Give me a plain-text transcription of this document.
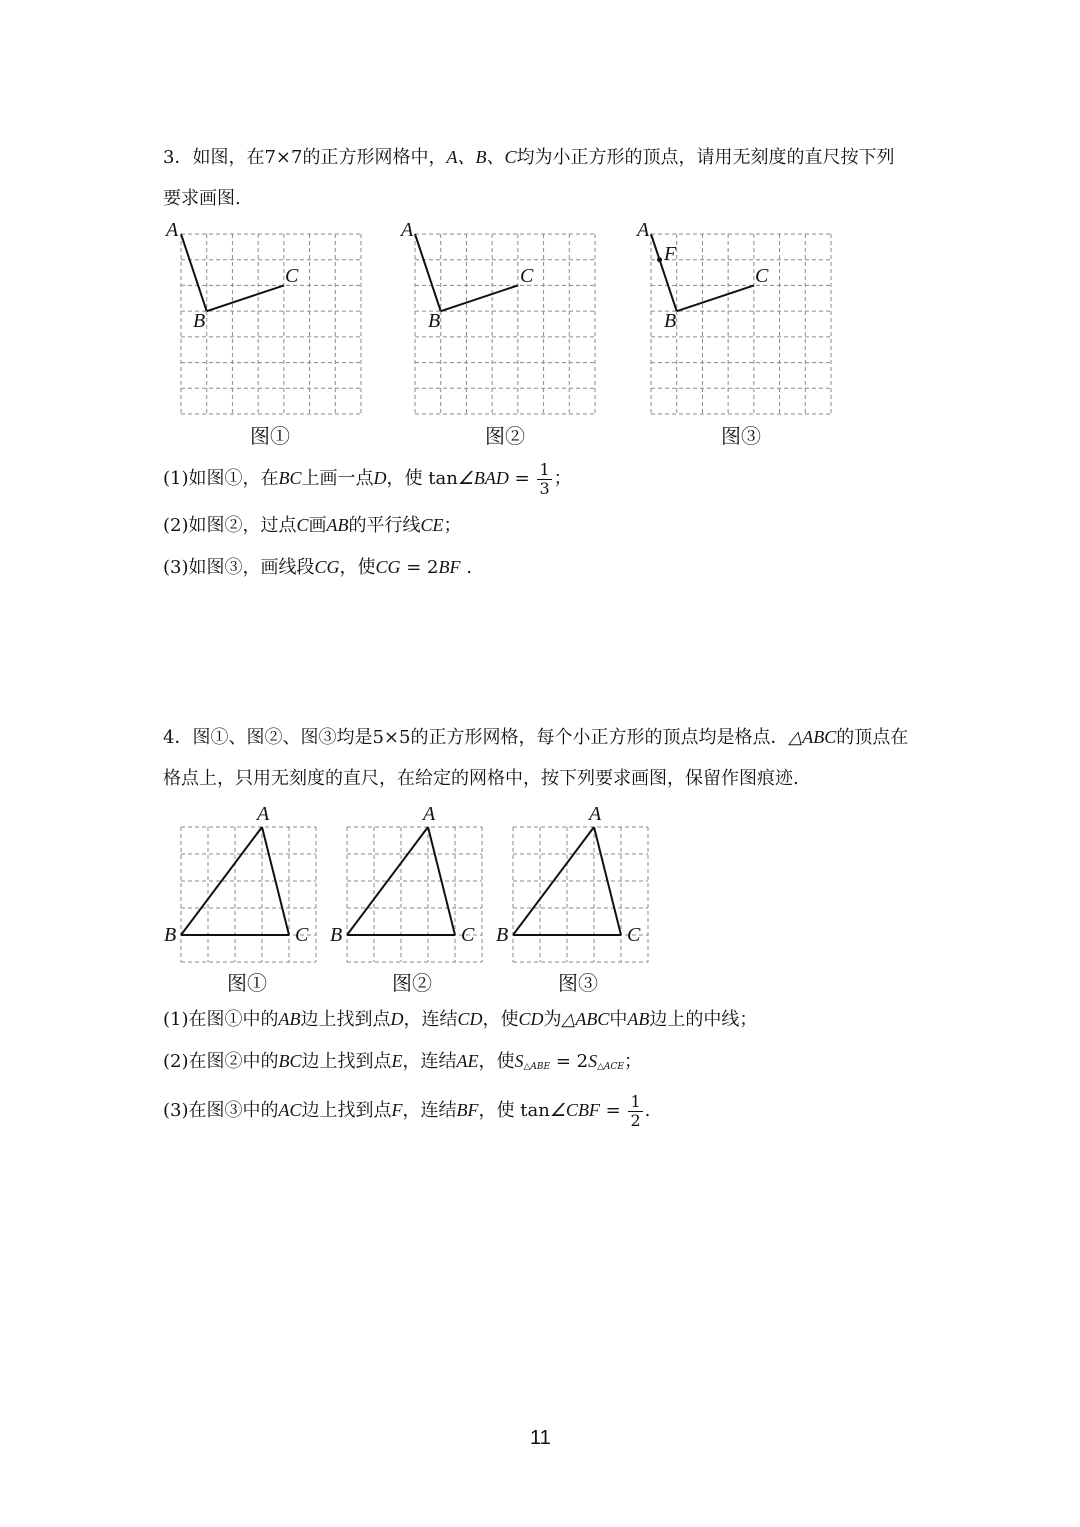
3．如图，在7×7的正方形网格中，A、B、C均为小正方形的顶点，请用无刻度的直尺按下列
要求画图.
A
B
C
A
B
C
A
F
B
C
图①	图②	图③
(1)如图①，在BC上画一点D，使 tan∠BAD = $\frac{1}{3}$ ；
(2)如图②，过点C画AB的平行线CE；
(3)如图③，画线段CG，使CG = 2BF .
4．图①、图②、图③均是5×5的正方形网格，每个小正方形的顶点均是格点．△ABC的顶点在
格点上，只用无刻度的直尺，在给定的网格中，按下列要求画图，保留作图痕迹.
A
B	C
A
B	C
A
B	C
图①	图②	图③
(1)在图①中的AB边上找到点D，连结CD，使CD为△ABC中AB边上的中线；
(2)在图②中的BC边上找到点E，连结AE，使$S_{\triangle ABE} = 2S_{\triangle ACE}$；
(3)在图③中的AC边上找到点F，连结BF，使 tan∠CBF = $\frac{1}{2}$ .
11
